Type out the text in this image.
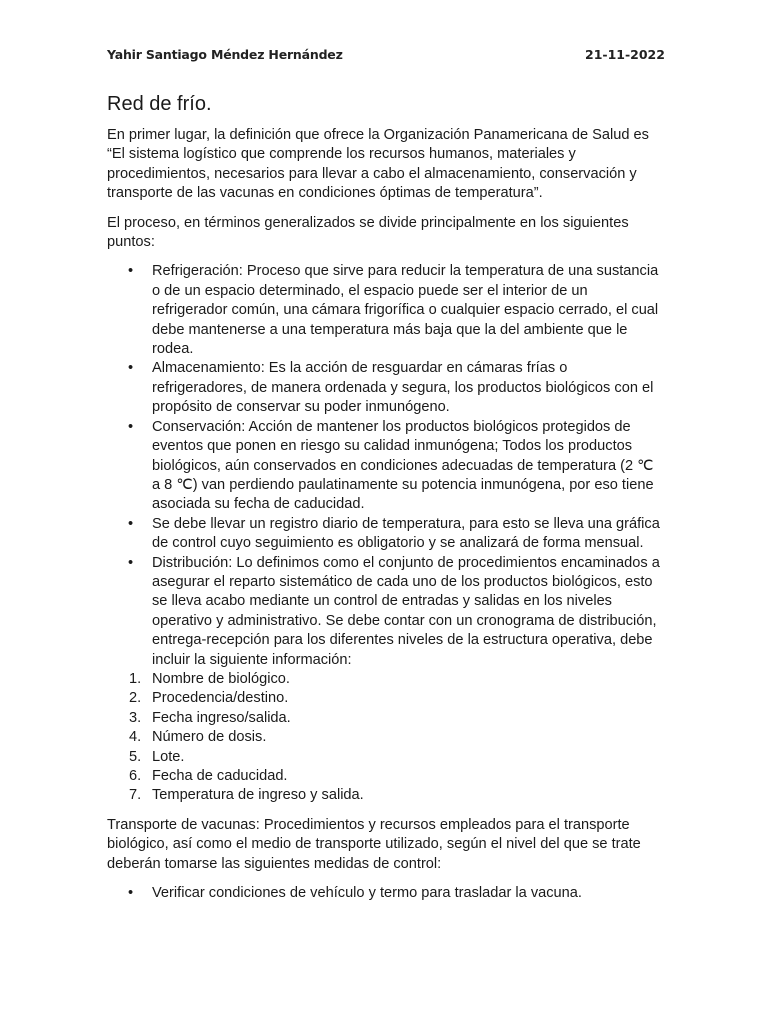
Yahir Santiago Méndez Hernández	21-11-2022
Red de frío.

En primer lugar, la definición que ofrece la Organización Panamericana de Salud es “El sistema logístico que comprende los recursos humanos, materiales y procedimientos, necesarios para llevar a cabo el almacenamiento, conservación y transporte de las vacunas en condiciones óptimas de temperatura”.

El proceso, en términos generalizados se divide principalmente en los siguientes puntos:

• Refrigeración: Proceso que sirve para reducir la temperatura de una sustancia o de un espacio determinado, el espacio puede ser el interior de un refrigerador común, una cámara frigorífica o cualquier espacio cerrado, el cual debe mantenerse a una temperatura más baja que la del ambiente que le rodea.
• Almacenamiento: Es la acción de resguardar en cámaras frías o refrigeradores, de manera ordenada y segura, los productos biológicos con el propósito de conservar su poder inmunógeno.
• Conservación: Acción de mantener los productos biológicos protegidos de eventos que ponen en riesgo su calidad inmunógena; Todos los productos biológicos, aún conservados en condiciones adecuadas de temperatura (2 ℃ a 8 ℃) van perdiendo paulatinamente su potencia inmunógena, por eso tiene asociada su fecha de caducidad.
• Se debe llevar un registro diario de temperatura, para esto se lleva una gráfica de control cuyo seguimiento es obligatorio y se analizará de forma mensual.
• Distribución: Lo definimos como el conjunto de procedimientos encaminados a asegurar el reparto sistemático de cada uno de los productos biológicos, esto se lleva acabo mediante un control de entradas y salidas en los niveles operativo y administrativo. Se debe contar con un cronograma de distribución, entrega-recepción para los diferentes niveles de la estructura operativa, debe incluir la siguiente información:
1. Nombre de biológico.
2. Procedencia/destino.
3. Fecha ingreso/salida.
4. Número de dosis.
5. Lote.
6. Fecha de caducidad.
7. Temperatura de ingreso y salida.

Transporte de vacunas: Procedimientos y recursos empleados para el transporte biológico, así como el medio de transporte utilizado, según el nivel del que se trate deberán tomarse las siguientes medidas de control:

• Verificar condiciones de vehículo y termo para trasladar la vacuna.
